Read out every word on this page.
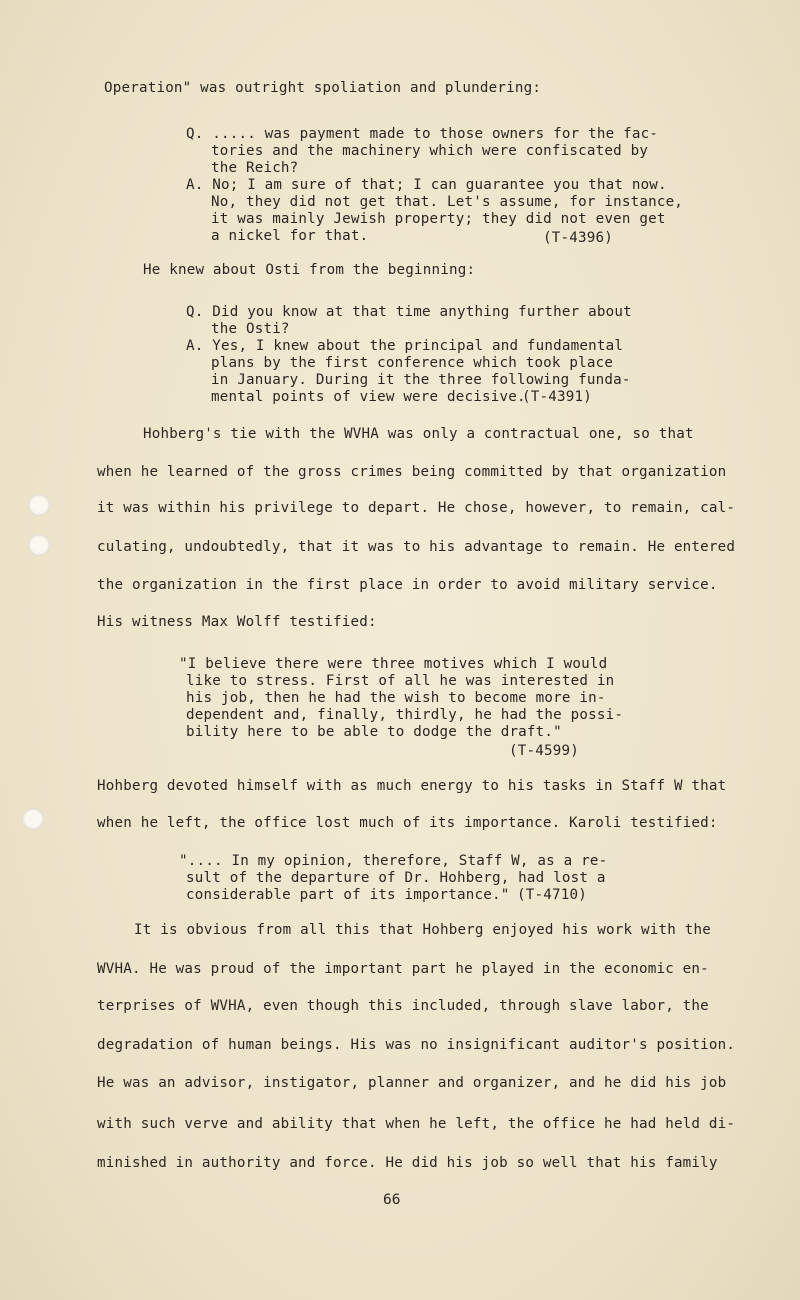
Operation" was outright spoliation and plundering:
Q. ..... was payment made to those owners for the fac-
tories and the machinery which were confiscated by
the Reich?
A. No; I am sure of that; I can guarantee you that now.
No, they did not get that. Let's assume, for instance,
it was mainly Jewish property; they did not even get
a nickel for that.	(T-4396)
He knew about Osti from the beginning:
Q. Did you know at that time anything further about
the Osti?
A. Yes, I knew about the principal and fundamental
plans by the first conference which took place
in January. During it the three following funda-
mental points of view were decisive.
(T-4391)
Hohberg's tie with the WVHA was only a contractual one, so that
when he learned of the gross crimes being committed by that organization
it was within his privilege to depart. He chose, however, to remain, cal-
culating, undoubtedly, that it was to his advantage to remain. He entered
the organization in the first place in order to avoid military service.
His witness Max Wolff testified:
"I believe there were three motives which I would
like to stress. First of all he was interested in
his job, then he had the wish to become more in-
dependent and, finally, thirdly, he had the possi-
bility here to be able to dodge the draft."
(T-4599)
Hohberg devoted himself with as much energy to his tasks in Staff W that
when he left, the office lost much of its importance. Karoli testified:
".... In my opinion, therefore, Staff W, as a re-
sult of the departure of Dr. Hohberg, had lost a
considerable part of its importance." (T-4710)
It is obvious from all this that Hohberg enjoyed his work with the
WVHA. He was proud of the important part he played in the economic en-
terprises of WVHA, even though this included, through slave labor, the
degradation of human beings. His was no insignificant auditor's position.
He was an advisor, instigator, planner and organizer, and he did his job
with such verve and ability that when he left, the office he had held di-
minished in authority and force. He did his job so well that his family
66
